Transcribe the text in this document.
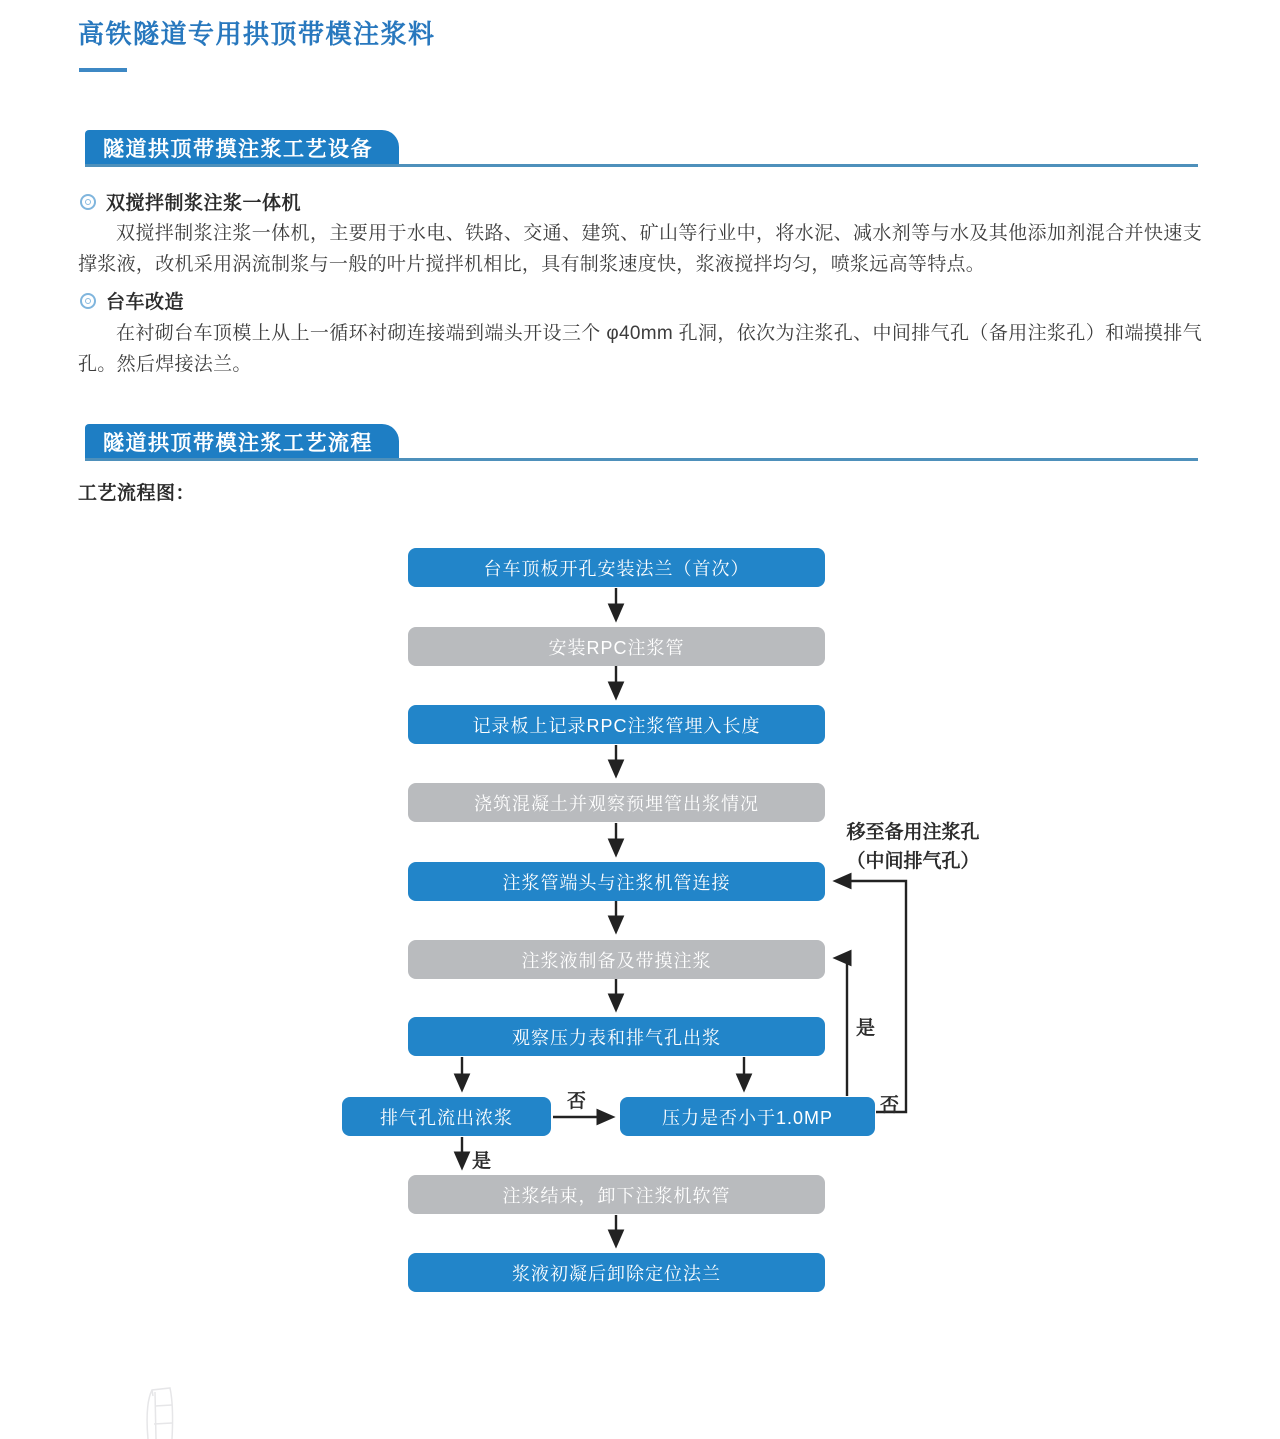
高铁隧道专用拱顶带模注浆料
隧道拱顶带摸注浆工艺设备
双搅拌制浆注浆一体机
双搅拌制浆注浆一体机，主要用于水电、铁路、交通、建筑、矿山等行业中，将水泥、减水剂等与水及其他添加剂混合并快速支撑浆液，改机采用涡流制浆与一般的叶片搅拌机相比，具有制浆速度快，浆液搅拌均匀，喷浆远高等特点。
台车改造
在衬砌台车顶模上从上一循环衬砌连接端到端头开设三个 φ40mm 孔洞，依次为注浆孔、中间排气孔（备用注浆孔）和端摸排气孔。然后焊接法兰。
隧道拱顶带模注浆工艺流程
工艺流程图：
台车顶板开孔安装法兰（首次）
安装RPC注浆管
记录板上记录RPC注浆管埋入长度
浇筑混凝土并观察预埋管出浆情况
注浆管端头与注浆机管连接
注浆液制备及带摸注浆
观察压力表和排气孔出浆
排气孔流出浓浆	压力是否小于1.0MP
注浆结束，卸下注浆机软管
浆液初凝后卸除定位法兰
否
是
是
否
移至备用注浆孔
（中间排气孔）
